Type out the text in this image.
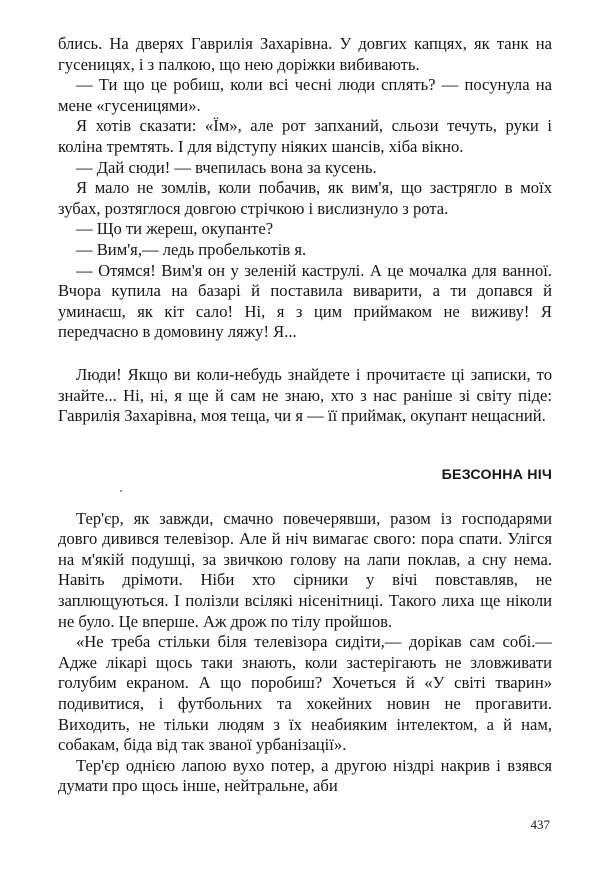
блись. На дверях Гаврилія Захарівна. У довгих капцях, як танк на гусеницях, і з палкою, що нею доріжки вибивають.

— Ти що це робиш, коли всі чесні люди сплять? — посунула на мене «гусеницями».

Я хотів сказати: «Їм», але рот запханий, сльози течуть, руки і коліна тремтять. І для відступу ніяких шансів, хіба вікно.

— Дай сюди! — вчепилась вона за кусень.

Я мало не зомлів, коли побачив, як вим'я, що застрягло в моїх зубах, розтяглося довгою стрічкою і вислизнуло з рота.

— Що ти жереш, окупанте?

— Вим'я,— ледь пробелькотів я.

— Отямся! Вим'я он у зеленій каструлі. А це мочалка для ванної. Вчора купила на базарі й поставила виварити, а ти допався й уминаєш, як кіт сало! Ні, я з цим приймаком не виживу! Я передчасно в домовину ляжу! Я...

Люди! Якщо ви коли-небудь знайдете і прочитаєте ці записки, то знайте... Ні, ні, я ще й сам не знаю, хто з нас раніше зі світу піде: Гаврилія Захарівна, моя теща, чи я — її приймак, окупант нещасний.

БЕЗСОННА НІЧ

Тер'єр, як завжди, смачно повечерявши, разом із господарями довго дивився телевізор. Але й ніч вимагає свого: пора спати. Улігся на м'якій подушці, за звичкою голову на лапи поклав, а сну нема. Навіть дрімоти. Ніби хто сірники у вічі повставляв, не заплющуються. І полізли всілякі нісенітниці. Такого лиха ще ніколи не було. Це вперше. Аж дрож по тілу пройшов.

«Не треба стільки біля телевізора сидіти,— дорікав сам собі.— Адже лікарі щось таки знають, коли застерігають не зловживати голубим екраном. А що поробиш? Хочеться й «У світі тварин» подивитися, і футбольних та хокейних новин не прогавити. Виходить, не тільки людям з їх неабияким інтелектом, а й нам, собакам, біда від так званої урбанізації».

Тер'єр однією лапою вухо потер, а другою ніздрі накрив і взявся думати про щось інше, нейтральне, аби

437
